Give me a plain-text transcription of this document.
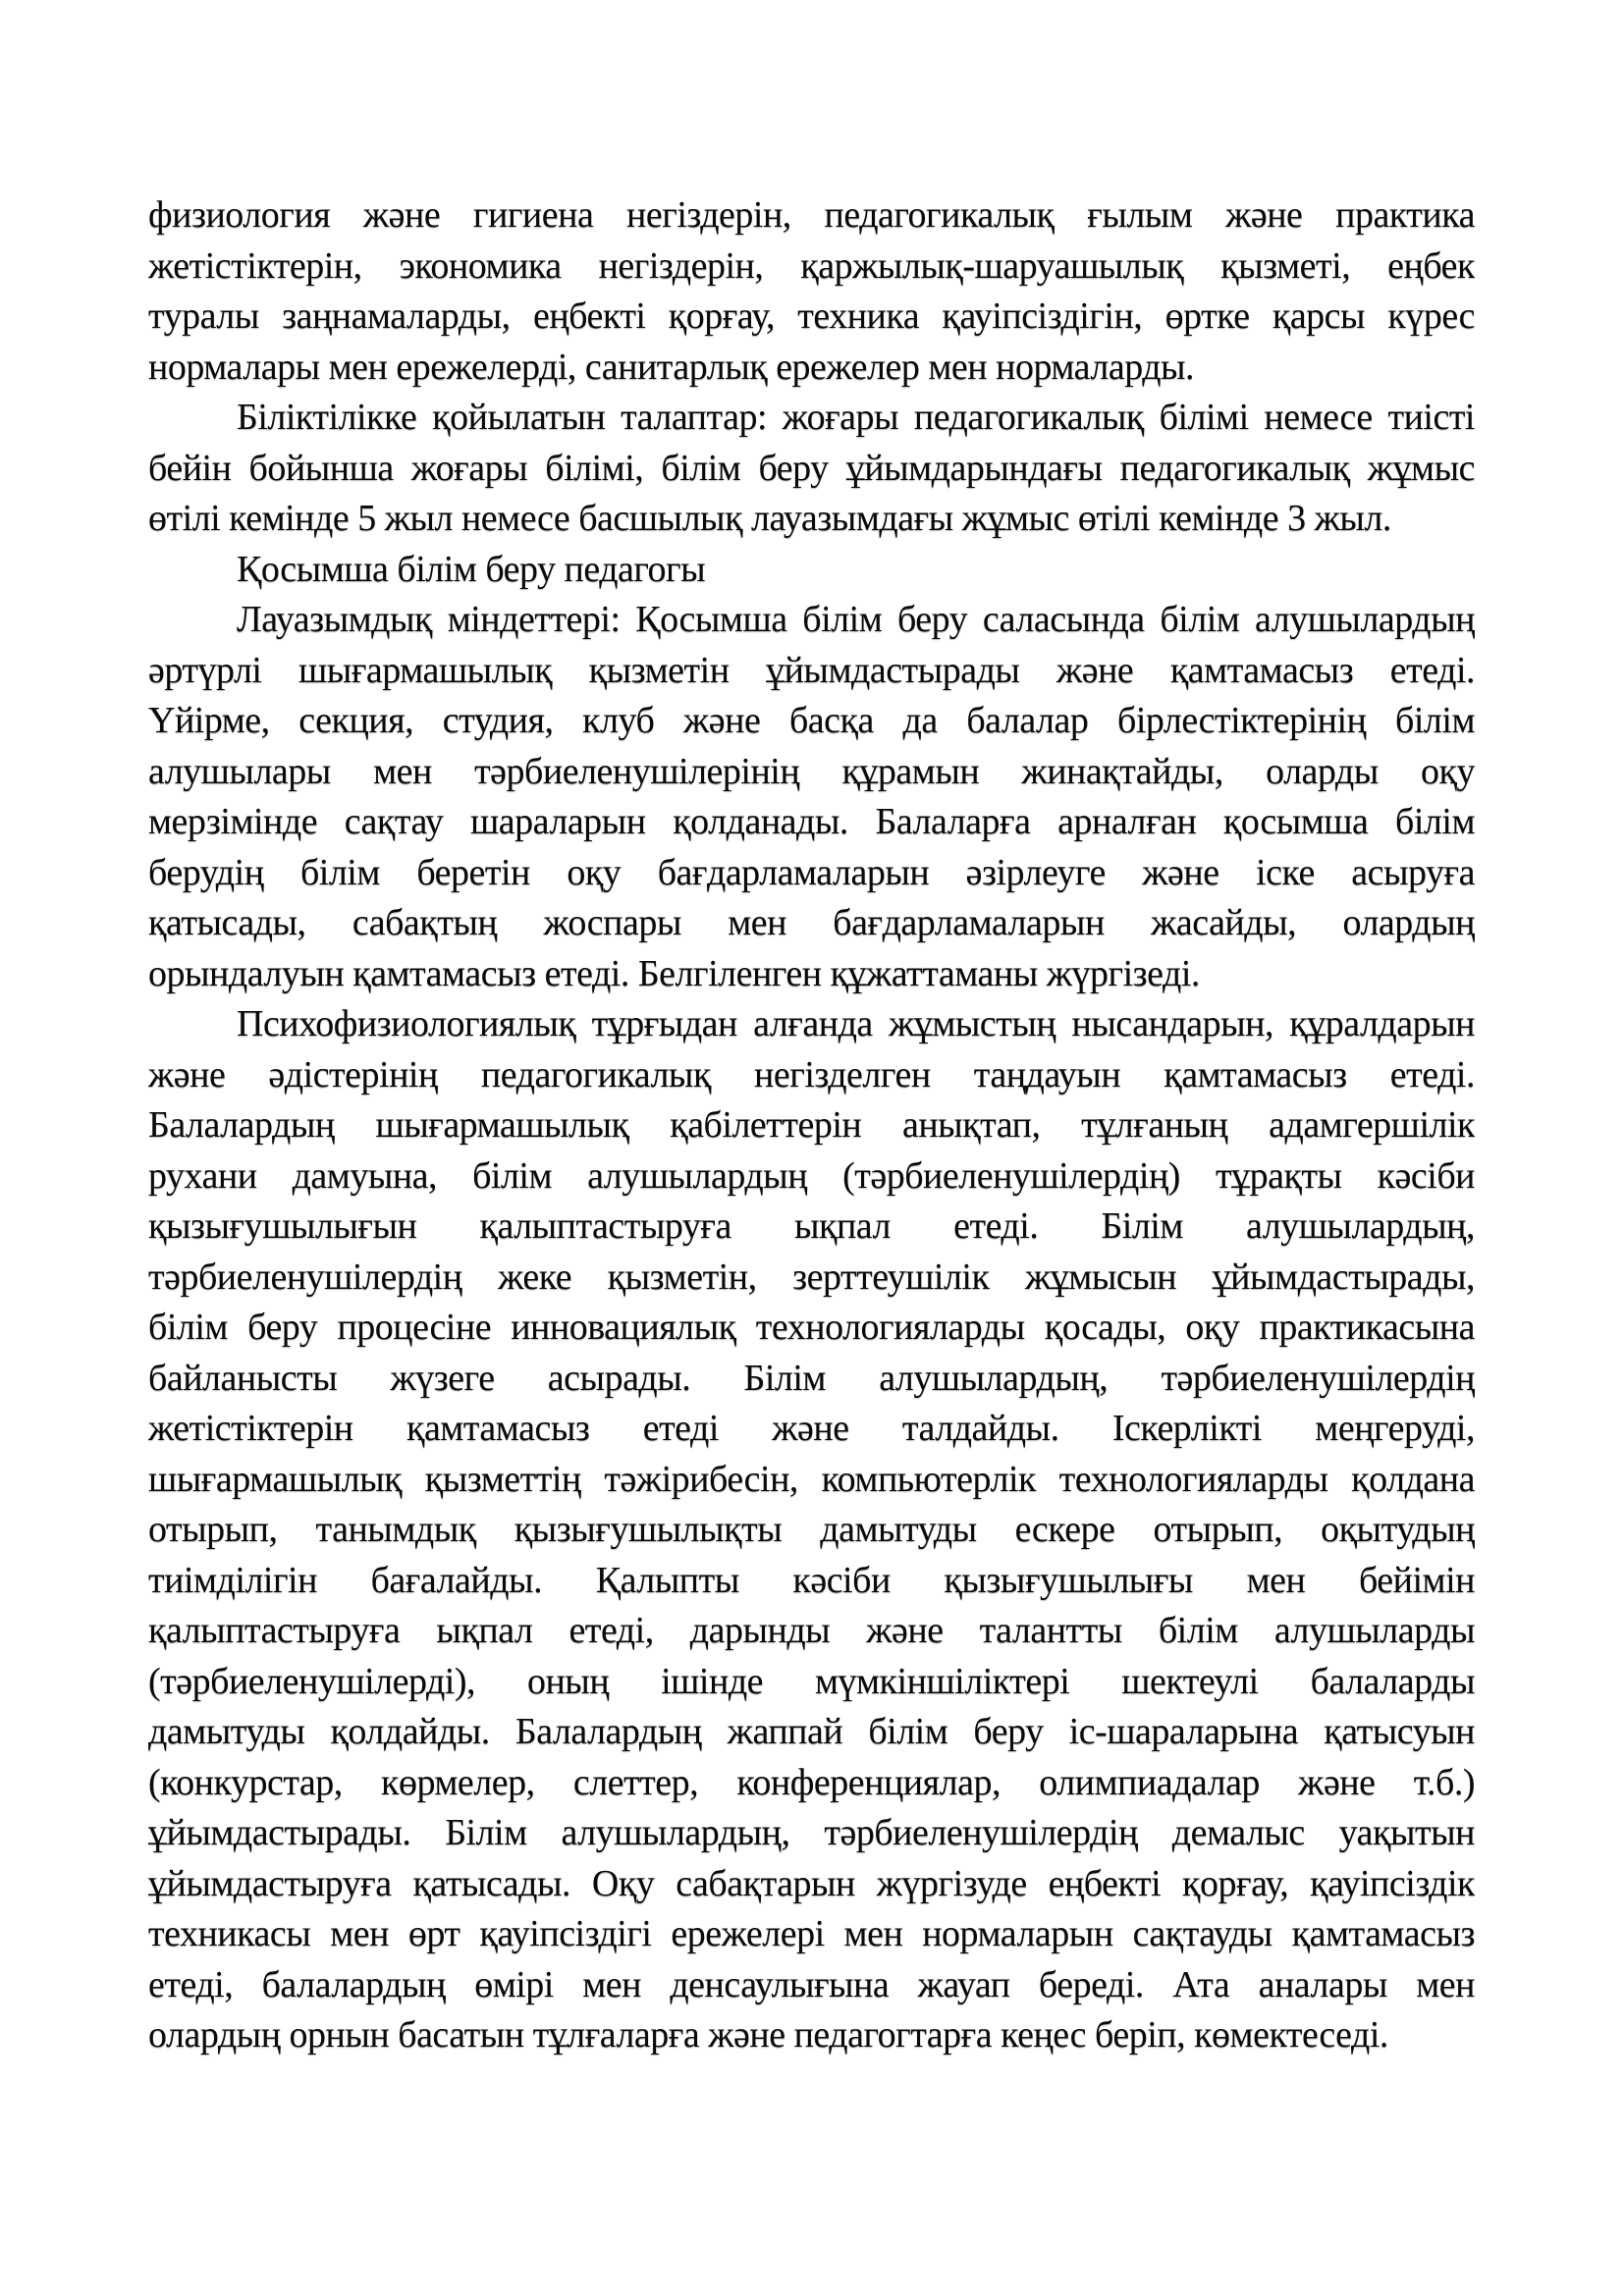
физиология және гигиена негіздерін, педагогикалық ғылым және практика
жетістіктерін, экономика негіздерін, қаржылық-шаруашылық қызметі, еңбек
туралы заңнамаларды, еңбекті қорғау, техника қауіпсіздігін, өртке қарсы күрес
нормалары мен ережелерді, санитарлық ережелер мен нормаларды.
Біліктілікке қойылатын талаптар: жоғары педагогикалық білімі немесе тиісті
бейін бойынша жоғары білімі, білім беру ұйымдарындағы педагогикалық жұмыс
өтілі кемінде 5 жыл немесе басшылық лауазымдағы жұмыс өтілі кемінде 3 жыл.
Қосымша білім беру педагогы
Лауазымдық міндеттері: Қосымша білім беру саласында білім алушылардың
әртүрлі шығармашылық қызметін ұйымдастырады және қамтамасыз етеді.
Үйірме, секция, студия, клуб және басқа да балалар бірлестіктерінің білім
алушылары мен тәрбиеленушілерінің құрамын жинақтайды, оларды оқу
мерзімінде сақтау шараларын қолданады. Балаларға арналған қосымша білім
берудің білім беретін оқу бағдарламаларын әзірлеуге және іске асыруға
қатысады, сабақтың жоспары мен бағдарламаларын жасайды, олардың
орындалуын қамтамасыз етеді. Белгіленген құжаттаманы жүргізеді.
Психофизиологиялық тұрғыдан алғанда жұмыстың нысандарын, құралдарын
және әдістерінің педагогикалық негізделген таңдауын қамтамасыз етеді.
Балалардың шығармашылық қабілеттерін анықтап, тұлғаның адамгершілік
рухани дамуына, білім алушылардың (тәрбиеленушілердің) тұрақты кәсіби
қызығушылығын қалыптастыруға ықпал етеді. Білім алушылардың,
тәрбиеленушілердің жеке қызметін, зерттеушілік жұмысын ұйымдастырады,
білім беру процесіне инновациялық технологияларды қосады, оқу практикасына
байланысты жүзеге асырады. Білім алушылардың, тәрбиеленушілердің
жетістіктерін қамтамасыз етеді және талдайды. Іскерлікті меңгеруді,
шығармашылық қызметтің тәжірибесін, компьютерлік технологияларды қолдана
отырып, танымдық қызығушылықты дамытуды ескере отырып, оқытудың
тиімділігін бағалайды. Қалыпты кәсіби қызығушылығы мен бейімін
қалыптастыруға ықпал етеді, дарынды және талантты білім алушыларды
(тәрбиеленушілерді), оның ішінде мүмкіншіліктері шектеулі балаларды
дамытуды қолдайды. Балалардың жаппай білім беру іс-шараларына қатысуын
(конкурстар, көрмелер, слеттер, конференциялар, олимпиадалар және т.б.)
ұйымдастырады. Білім алушылардың, тәрбиеленушілердің демалыс уақытын
ұйымдастыруға қатысады. Оқу сабақтарын жүргізуде еңбекті қорғау, қауіпсіздік
техникасы мен өрт қауіпсіздігі ережелері мен нормаларын сақтауды қамтамасыз
етеді, балалардың өмірі мен денсаулығына жауап береді. Ата аналары мен
олардың орнын басатын тұлғаларға және педагогтарға кеңес беріп, көмектеседі.
